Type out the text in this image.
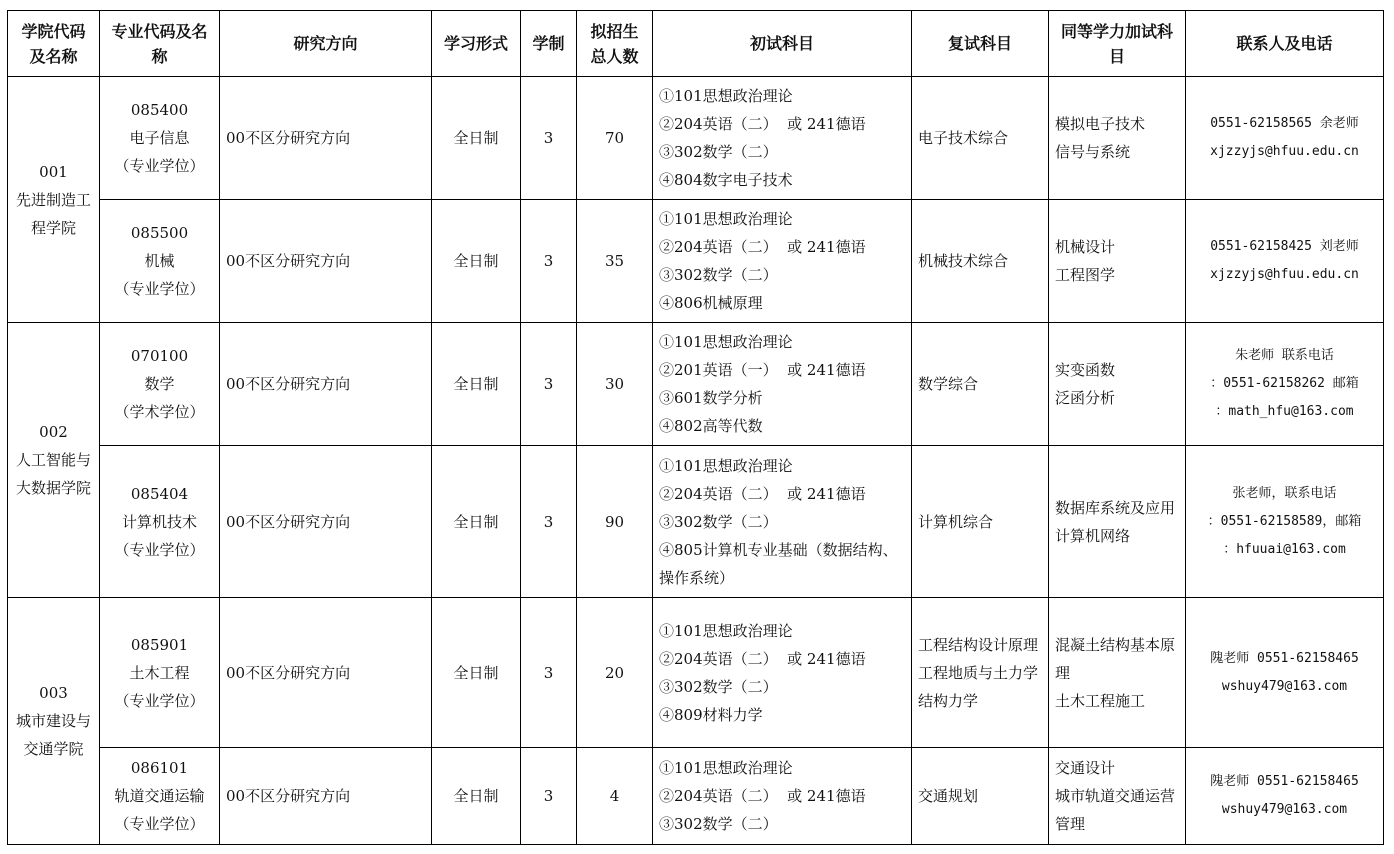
学院代码及名称	专业代码及名称	研究方向	学习形式	学制	拟招生总人数	初试科目	复试科目	同等学力加试科目	联系人及电话

001
先进制造工程学院	085400
电子信息
（专业学位）	00不区分研究方向	全日制	3	70	①101思想政治理论
②204英语（二）  或 241德语
③302数学（二）
④804数字电子技术	电子技术综合	模拟电子技术
信号与系统	0551-62158565 余老师
xjzzyjs@hfuu.edu.cn

	085500
机械
（专业学位）	00不区分研究方向	全日制	3	35	①101思想政治理论
②204英语（二）  或 241德语
③302数学（二）
④806机械原理	机械技术综合	机械设计
工程图学	0551-62158425 刘老师
xjzzyjs@hfuu.edu.cn

002
人工智能与大数据学院	070100
数学
（学术学位）	00不区分研究方向	全日制	3	30	①101思想政治理论
②201英语（一）  或 241德语
③601数学分析
④802高等代数	数学综合	实变函数
泛函分析	朱老师 联系电话
：0551-62158262 邮箱
：math_hfu@163.com

	085404
计算机技术
（专业学位）	00不区分研究方向	全日制	3	90	①101思想政治理论
②204英语（二）  或 241德语
③302数学（二）
④805计算机专业基础（数据结构、操作系统）	计算机综合	数据库系统及应用
计算机网络	张老师，联系电话
：0551-62158589，邮箱
：hfuuai@163.com

003
城市建设与交通学院	085901
土木工程
（专业学位）	00不区分研究方向	全日制	3	20	①101思想政治理论
②204英语（二）  或 241德语
③302数学（二）
④809材料力学	工程结构设计原理
工程地质与土力学
结构力学	混凝土结构基本原理
土木工程施工	隗老师 0551-62158465
wshuy479@163.com

	086101
轨道交通运输
（专业学位）	00不区分研究方向	全日制	3	4	①101思想政治理论
②204英语（二）  或 241德语
③302数学（二）	交通规划	交通设计
城市轨道交通运营管理	隗老师 0551-62158465
wshuy479@163.com
